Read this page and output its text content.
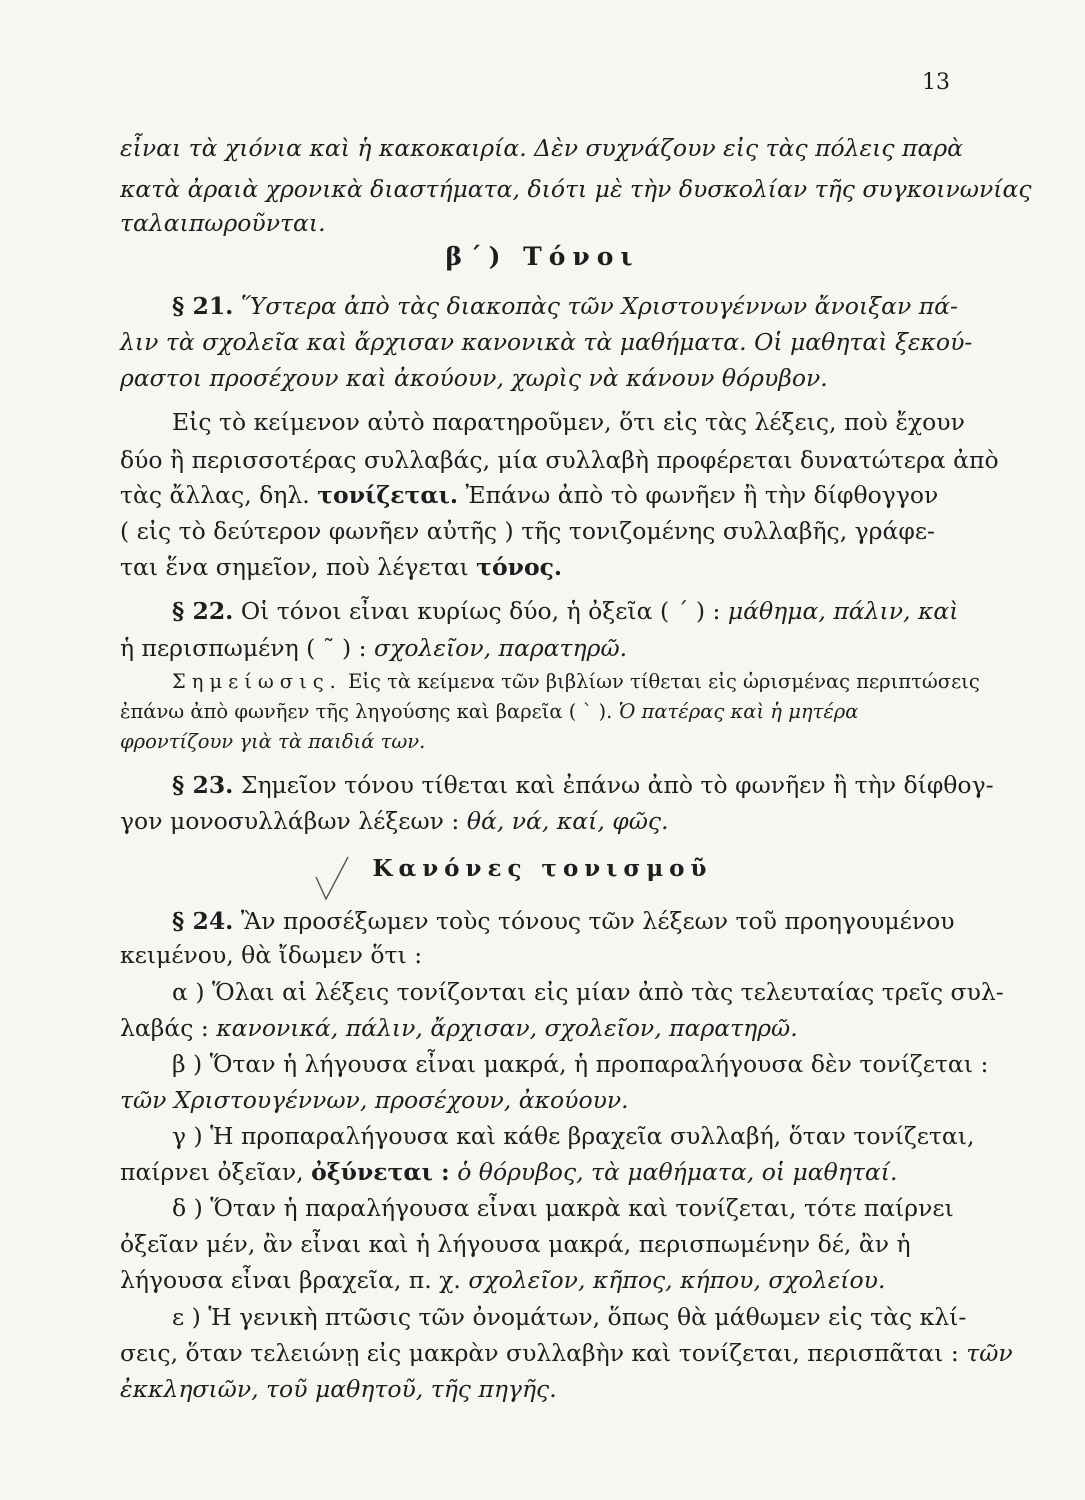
13
εἶναι τὰ χιόνια καὶ ἡ κακοκαιρία. Δὲν συχνάζουν εἰς τὰς πόλεις παρὰ
κατὰ ἀραιὰ χρονικὰ διαστήματα, διότι μὲ τὴν δυσκολίαν τῆς συγκοινωνίας
ταλαιπωροῦνται.
β΄) Τόνοι
§ 21. Ὕστερα ἀπὸ τὰς διακοπὰς τῶν Χριστουγέννων ἄνοιξαν πά-
λιν τὰ σχολεῖα καὶ ἄρχισαν κανονικὰ τὰ μαθήματα. Οἱ μαθηταὶ ξεκού-
ραστοι προσέχουν καὶ ἀκούουν, χωρὶς νὰ κάνουν θόρυβον.
Εἰς τὸ κείμενον αὐτὸ παρατηροῦμεν, ὅτι εἰς τὰς λέξεις, ποὺ ἔχουν
δύο ἢ περισσοτέρας συλλαβάς, μία συλλαβὴ προφέρεται δυνατώτερα ἀπὸ
τὰς ἄλλας, δηλ. τονίζεται. Ἐπάνω ἀπὸ τὸ φωνῆεν ἢ τὴν δίφθογγον
( εἰς τὸ δεύτερον φωνῆεν αὐτῆς ) τῆς τονιζομένης συλλαβῆς, γράφε-
ται ἕνα σημεῖον, ποὺ λέγεται τόνος.
§ 22. Οἱ τόνοι εἶναι κυρίως δύο, ἡ ὀξεῖα ( ΄ ) : μάθημα, πάλιν, καὶ
ἡ περισπωμένη ( ῀ ) : σχολεῖον, παρατηρῶ.
Σημείωσις. Εἰς τὰ κείμενα τῶν βιβλίων τίθεται εἰς ὡρισμένας περιπτώσεις
ἐπάνω ἀπὸ φωνῆεν τῆς ληγούσης καὶ βαρεῖα ( ` ). Ὁ πατέρας καὶ ἡ μητέρα
φροντίζουν γιὰ τὰ παιδιά των.
§ 23. Σημεῖον τόνου τίθεται καὶ ἐπάνω ἀπὸ τὸ φωνῆεν ἢ τὴν δίφθογ-
γον μονοσυλλάβων λέξεων : θά, νά, καί, φῶς.
Κανόνες τονισμοῦ
§ 24. Ἂν προσέξωμεν τοὺς τόνους τῶν λέξεων τοῦ προηγουμένου
κειμένου, θὰ ἴδωμεν ὅτι :
α ) Ὅλαι αἱ λέξεις τονίζονται εἰς μίαν ἀπὸ τὰς τελευταίας τρεῖς συλ-
λαβάς : κανονικά, πάλιν, ἄρχισαν, σχολεῖον, παρατηρῶ.
β ) Ὅταν ἡ λήγουσα εἶναι μακρά, ἡ προπαραλήγουσα δὲν τονίζεται :
τῶν Χριστουγέννων, προσέχουν, ἀκούουν.
γ ) Ἡ προπαραλήγουσα καὶ κάθε βραχεῖα συλλαβή, ὅταν τονίζεται,
παίρνει ὀξεῖαν, ὀξύνεται : ὁ θόρυβος, τὰ μαθήματα, οἱ μαθηταί.
δ ) Ὅταν ἡ παραλήγουσα εἶναι μακρὰ καὶ τονίζεται, τότε παίρνει
ὀξεῖαν μέν, ἂν εἶναι καὶ ἡ λήγουσα μακρά, περισπωμένην δέ, ἂν ἡ
λήγουσα εἶναι βραχεῖα, π. χ. σχολεῖον, κῆπος, κήπου, σχολείου.
ε ) Ἡ γενικὴ πτῶσις τῶν ὀνομάτων, ὅπως θὰ μάθωμεν εἰς τὰς κλί-
σεις, ὅταν τελειώνῃ εἰς μακρὰν συλλαβὴν καὶ τονίζεται, περισπᾶται : τῶν
ἐκκλησιῶν, τοῦ μαθητοῦ, τῆς πηγῆς.
